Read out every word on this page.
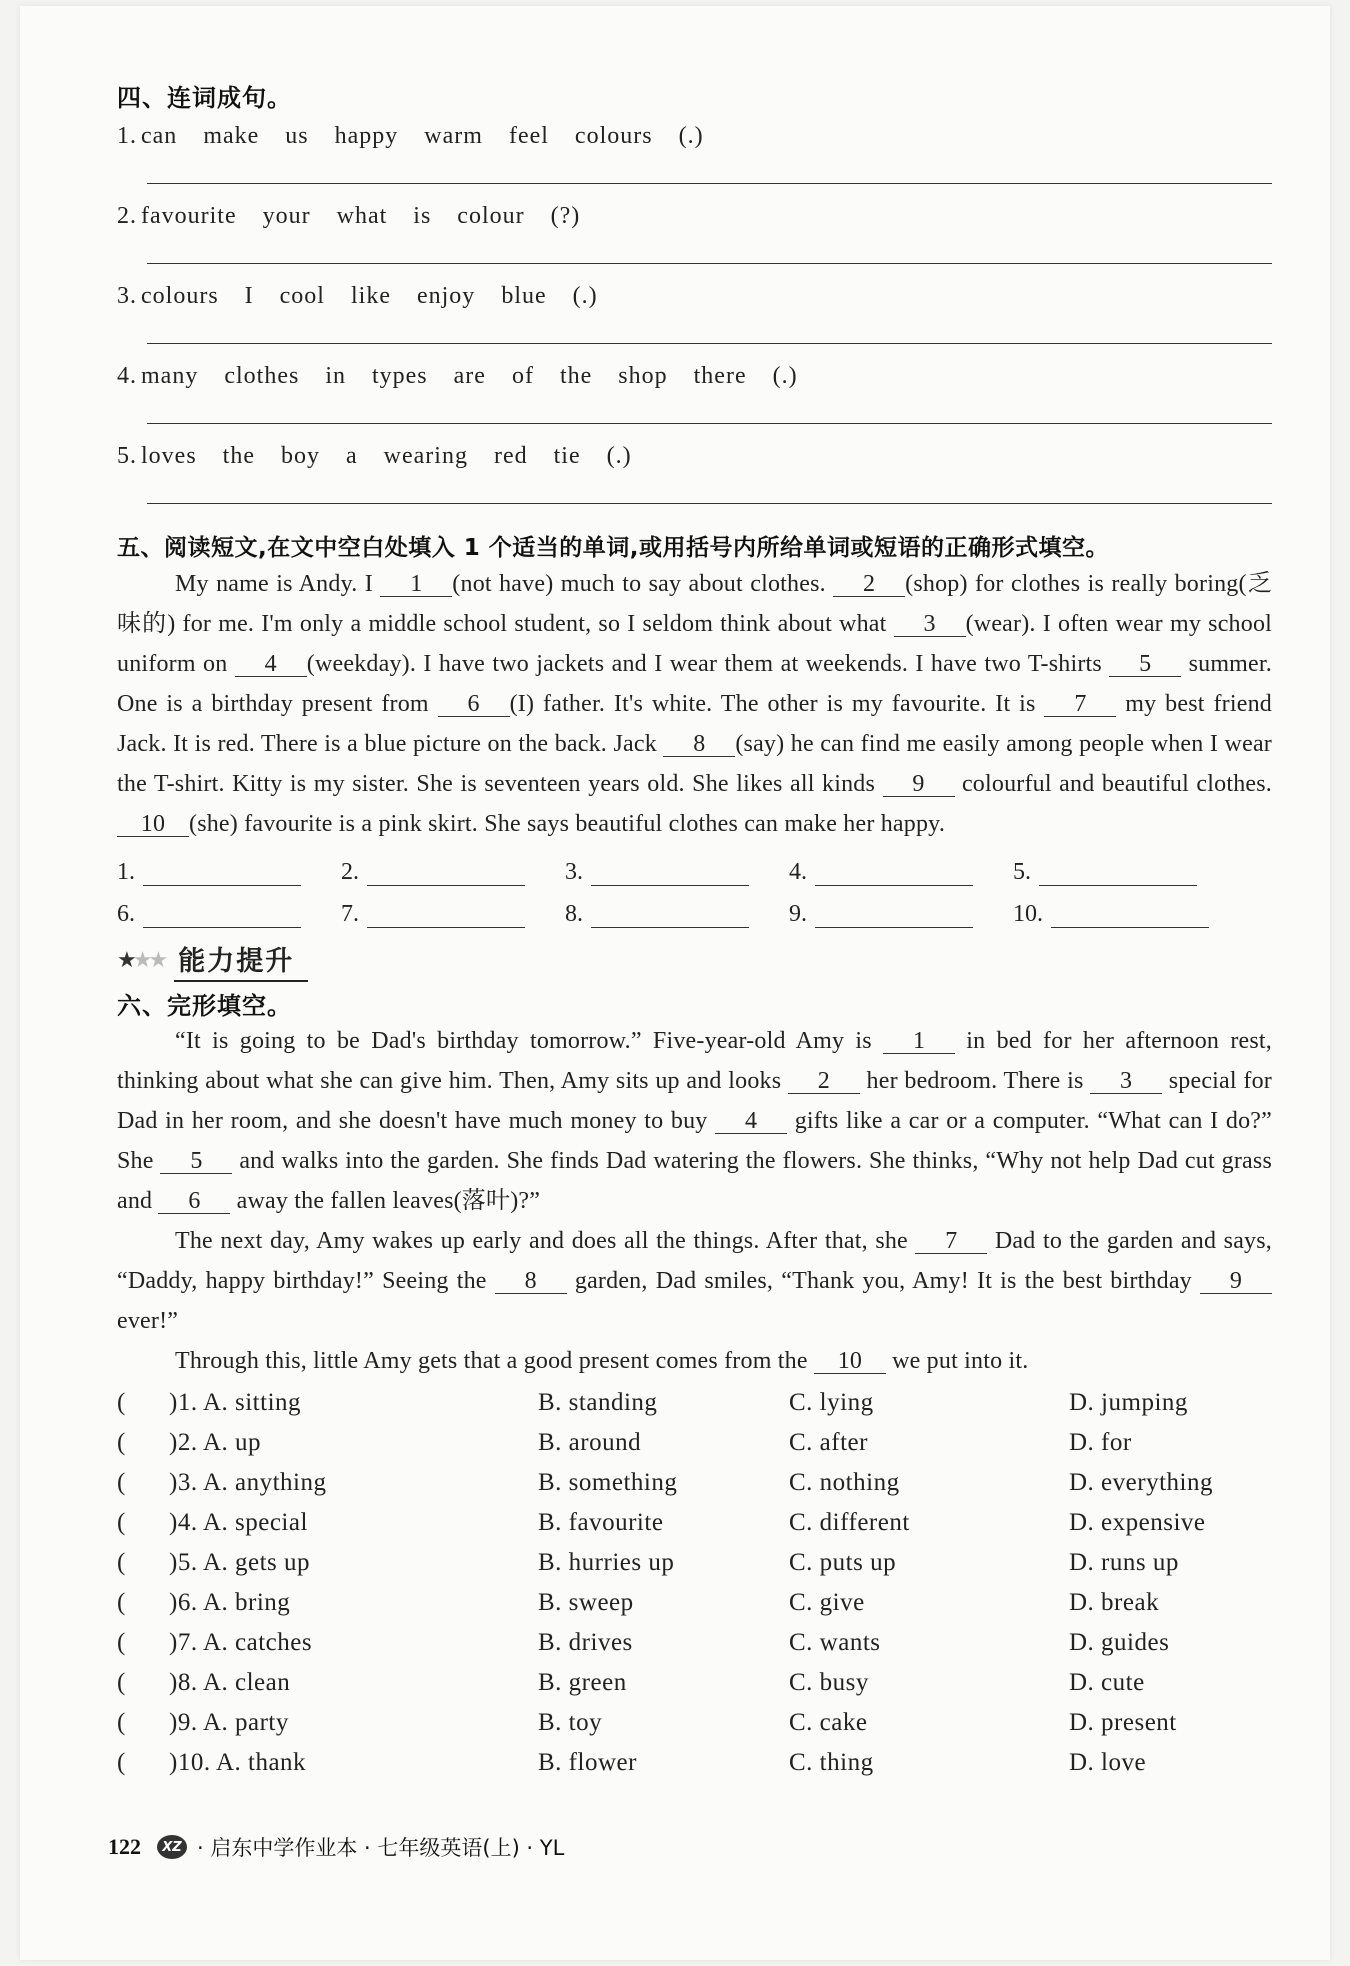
四、连词成句。
1. can make us happy warm feel colours (.)
2. favourite your what is colour (?)
3. colours I cool like enjoy blue (.)
4. many clothes in types are of the shop there (.)
5. loves the boy a wearing red tie (.)
五、阅读短文,在文中空白处填入 1 个适当的单词,或用括号内所给单词或短语的正确形式填空。
My name is Andy. I 1 (not have) much to say about clothes. 2 (shop) for clothes is really boring(乏味的) for me. I'm only a middle school student, so I seldom think about what 3 (wear). I often wear my school uniform on 4 (weekday). I have two jackets and I wear them at weekends. I have two T-shirts 5 summer. One is a birthday present from 6 (I) father. It's white. The other is my favourite. It is 7 my best friend Jack. It is red. There is a blue picture on the back. Jack 8 (say) he can find me easily among people when I wear the T-shirt. Kitty is my sister. She is seventeen years old. She likes all kinds 9 colourful and beautiful clothes. 10 (she) favourite is a pink skirt. She says beautiful clothes can make her happy.
1.	2.	3.	4.	5.
6.	7.	8.	9.	10.
★★★ 能力提升
六、完形填空。
“It is going to be Dad's birthday tomorrow.” Five-year-old Amy is 1 in bed for her afternoon rest, thinking about what she can give him. Then, Amy sits up and looks 2 her bedroom. There is 3 special for Dad in her room, and she doesn't have much money to buy 4 gifts like a car or a computer. “What can I do?” She 5 and walks into the garden. She finds Dad watering the flowers. She thinks, “Why not help Dad cut grass and 6 away the fallen leaves(落叶)?”
The next day, Amy wakes up early and does all the things. After that, she 7 Dad to the garden and says, “Daddy, happy birthday!” Seeing the 8 garden, Dad smiles, “Thank you, Amy! It is the best birthday 9 ever!”
Through this, little Amy gets that a good present comes from the 10 we put into it.
(	)1. A. sitting	B. standing	C. lying	D. jumping
(	)2. A. up	B. around	C. after	D. for
(	)3. A. anything	B. something	C. nothing	D. everything
(	)4. A. special	B. favourite	C. different	D. expensive
(	)5. A. gets up	B. hurries up	C. puts up	D. runs up
(	)6. A. bring	B. sweep	C. give	D. break
(	)7. A. catches	B. drives	C. wants	D. guides
(	)8. A. clean	B. green	C. busy	D. cute
(	)9. A. party	B. toy	C. cake	D. present
(	)10. A. thank	B. flower	C. thing	D. love
122	XZ · 启东中学作业本 · 七年级英语(上) · YL
